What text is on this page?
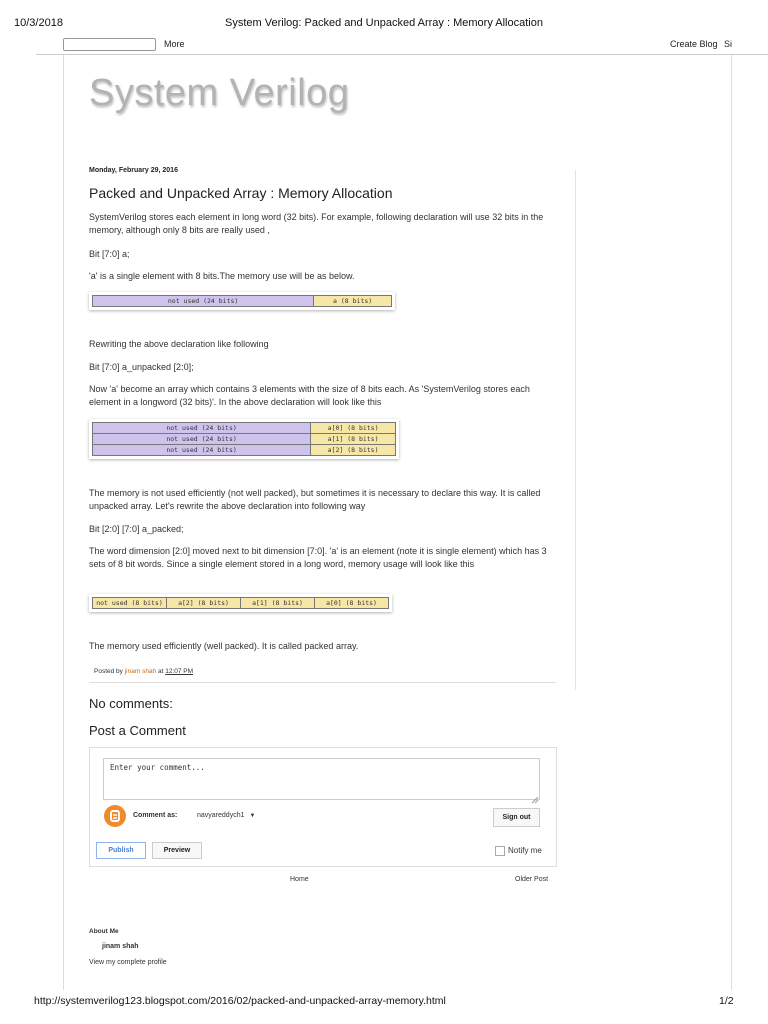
10/3/2018	System Verilog: Packed and Unpacked Array : Memory Allocation
More	Create Blog Si
System Verilog
Monday, February 29, 2016
Packed and Unpacked Array : Memory Allocation
SystemVerilog stores each element in long word (32 bits). For example, following declaration will use 32 bits in the memory, although only 8 bits are really used ,
Bit [7:0] a;
'a' is a single element with 8 bits.The memory use will be as below.
not used (24 bits)	a (8 bits)
Rewriting the above declaration like following
Bit [7:0] a_unpacked [2:0];
Now 'a' become an array which contains 3 elements with the size of 8 bits each. As 'SystemVerilog stores each element in a longword (32 bits)'. In the above declaration will look like this
not used (24 bits)	a[0] (8 bits)
not used (24 bits)	a[1] (8 bits)
not used (24 bits)	a[2] (8 bits)
The memory is not used efficiently (not well packed), but sometimes it is necessary to declare this way. It is called unpacked array. Let's rewrite the above declaration into following way
Bit [2:0] [7:0] a_packed;
The word dimension [2:0] moved next to bit dimension [7:0]. 'a' is an element (note it is single element) which has 3 sets of 8 bit words. Since a single element stored in a long word, memory usage will look like this
not used (8 bits)	a[2] (8 bits)	a[1] (8 bits)	a[0] (8 bits)
The memory used efficiently (well packed). It is called packed array.
Posted by jinam shah at 12:07 PM
No comments:
Post a Comment
Enter your comment...
Comment as:	navyareddych1 ▼	Sign out
Publish	Preview	Notify me
Home	Older Post
About Me
jinam shah
View my complete profile
http://systemverilog123.blogspot.com/2016/02/packed-and-unpacked-array-memory.html	1/2
